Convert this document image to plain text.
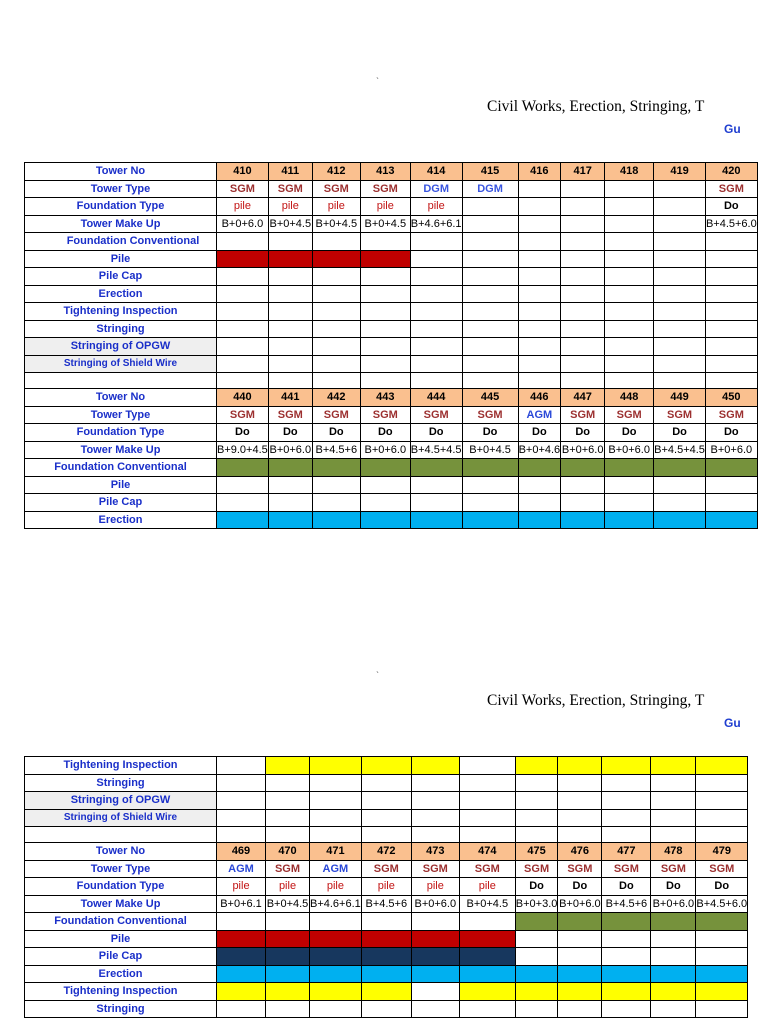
`
Civil Works, Erection, Stringing, T
Gu
Tower No	410	411	412	413	414	415	416	417	418	419	420
Tower Type	SGM	SGM	SGM	SGM	DGM	DGM					SGM
Foundation Type	pile	pile	pile	pile	pile						Do
Tower Make Up	B+0+6.0	B+0+4.5	B+0+4.5	B+0+4.5	B+4.6+6.1						B+4.5+6.0
Foundation Conventional											
Pile											
Pile Cap											
Erection											
Tightening Inspection											
Stringing											
Stringing of OPGW											
Stringing of Shield Wire											

Tower No	440	441	442	443	444	445	446	447	448	449	450
Tower Type	SGM	SGM	SGM	SGM	SGM	SGM	AGM	SGM	SGM	SGM	SGM
Foundation Type	Do	Do	Do	Do	Do	Do	Do	Do	Do	Do	Do
Tower Make Up	B+9.0+4.5	B+0+6.0	B+4.5+6	B+0+6.0	B+4.5+4.5	B+0+4.5	B+0+4.6	B+0+6.0	B+0+6.0	B+4.5+4.5	B+0+6.0
Foundation Conventional											
Pile											
Pile Cap											
Erection											
`
Civil Works, Erection, Stringing, T
Gu
Tightening Inspection											
Stringing											
Stringing of OPGW											
Stringing of Shield Wire											

Tower No	469	470	471	472	473	474	475	476	477	478	479
Tower Type	AGM	SGM	AGM	SGM	SGM	SGM	SGM	SGM	SGM	SGM	SGM
Foundation Type	pile	pile	pile	pile	pile	pile	Do	Do	Do	Do	Do
Tower Make Up	B+0+6.1	B+0+4.5	B+4.6+6.1	B+4.5+6	B+0+6.0	B+0+4.5	B+0+3.0	B+0+6.0	B+4.5+6	B+0+6.0	B+4.5+6.0
Foundation Conventional											
Pile											
Pile Cap											
Erection											
Tightening Inspection											
Stringing											
